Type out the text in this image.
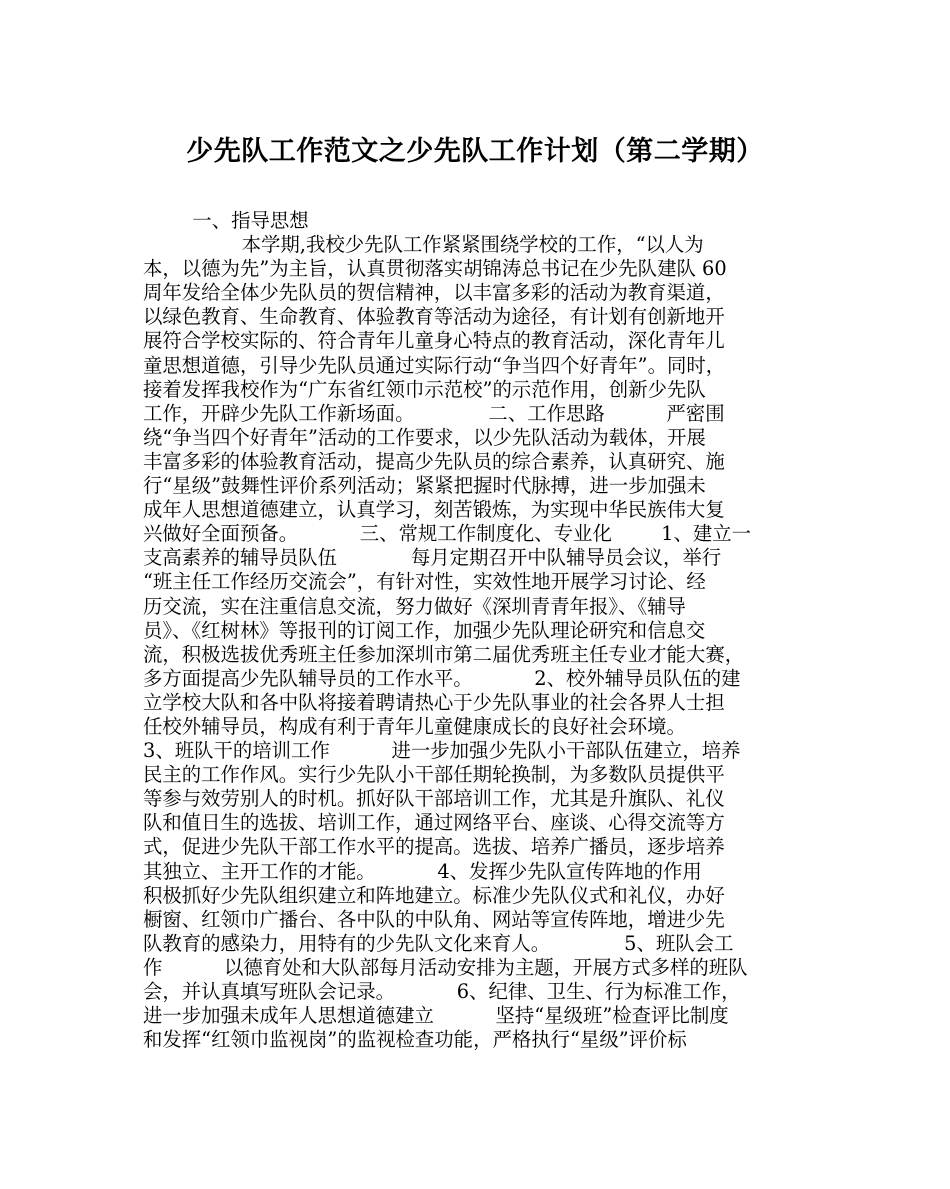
少先队工作范文之少先队工作计划（第二学期）
一、指导思想
本学期,我校少先队工作紧紧围绕学校的工作，“以人为
本，以德为先”为主旨，认真贯彻落实胡锦涛总书记在少先队建队 60
周年发给全体少先队员的贺信精神，以丰富多彩的活动为教育渠道，
以绿色教育、生命教育、体验教育等活动为途径，有计划有创新地开
展符合学校实际的、符合青年儿童身心特点的教育活动，深化青年儿
童思想道德，引导少先队员通过实际行动“争当四个好青年”。同时，
接着发挥我校作为“广东省红领巾示范校”的示范作用，创新少先队
工作，开辟少先队工作新场面。            二、工作思路          严密围
绕“争当四个好青年”活动的工作要求，以少先队活动为载体，开展
丰富多彩的体验教育活动，提高少先队员的综合素养，认真研究、施
行“星级”鼓舞性评价系列活动；紧紧把握时代脉搏，进一步加强未
成年人思想道德建立，认真学习，刻苦锻炼，为实现中华民族伟大复
兴做好全面预备。          三、常规工作制度化、专业化        1、建立一
支高素养的辅导员队伍            每月定期召开中队辅导员会议，举行
“班主任工作经历交流会”，有针对性，实效性地开展学习讨论、经
历交流，实在注重信息交流，努力做好《深圳青青年报》、《辅导
员》、《红树林》等报刊的订阅工作，加强少先队理论研究和信息交
流，积极选拔优秀班主任参加深圳市第二届优秀班主任专业才能大赛，
多方面提高少先队辅导员的工作水平。          2、校外辅导员队伍的建
立学校大队和各中队将接着聘请热心于少先队事业的社会各界人士担
任校外辅导员，构成有利于青年儿童健康成长的良好社会环境。
3、班队干的培训工作          进一步加强少先队小干部队伍建立，培养
民主的工作作风。实行少先队小干部任期轮换制，为多数队员提供平
等参与效劳别人的时机。抓好队干部培训工作，尤其是升旗队、礼仪
队和值日生的选拔、培训工作，通过网络平台、座谈、心得交流等方
式，促进少先队干部工作水平的提高。选拔、培养广播员，逐步培养
其独立、主开工作的才能。          4、发挥少先队宣传阵地的作用
积极抓好少先队组织建立和阵地建立。标准少先队仪式和礼仪，办好
橱窗、红领巾广播台、各中队的中队角、网站等宣传阵地，增进少先
队教育的感染力，用特有的少先队文化来育人。            5、班队会工
作          以德育处和大队部每月活动安排为主题，开展方式多样的班队
会，并认真填写班队会记录。          6、纪律、卫生、行为标准工作，
进一步加强未成年人思想道德建立          坚持“星级班”检查评比制度
和发挥“红领巾监视岗”的监视检查功能，严格执行“星级”评价标
